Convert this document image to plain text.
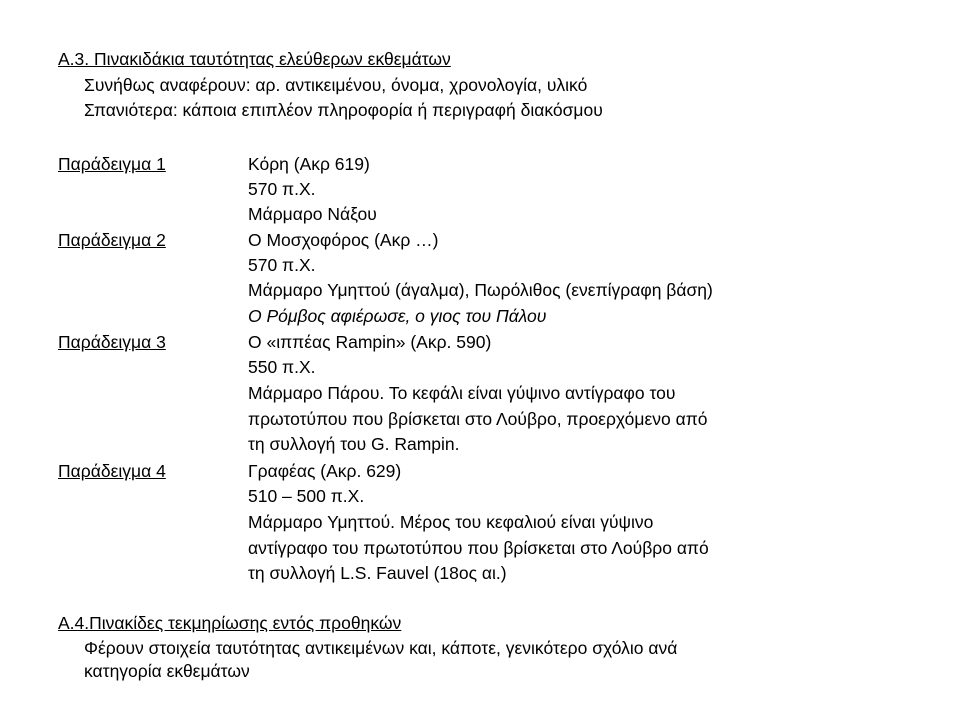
Α.3. Πινακιδάκια ταυτότητας ελεύθερων εκθεμάτων
Συνήθως αναφέρουν: αρ. αντικειμένου, όνομα, χρονολογία, υλικό
Σπανιότερα: κάποια επιπλέον πληροφορία ή περιγραφή διακόσμου
Παράδειγμα 1	Κόρη (Ακρ 619)
570 π.Χ.
Μάρμαρο Νάξου
Παράδειγμα 2	Ο Μοσχοφόρος (Ακρ …)
570 π.Χ.
Μάρμαρο Υμηττού (άγαλμα), Πωρόλιθος (ενεπίγραφη βάση)
Ο Ρόμβος αφιέρωσε, ο γιος του Πάλου
Παράδειγμα 3	Ο «ιππέας Rampin» (Ακρ. 590)
550 π.Χ.
Μάρμαρο Πάρου. Το κεφάλι είναι γύψινο αντίγραφο του
πρωτοτύπου που βρίσκεται στο Λούβρο, προερχόμενο από
τη συλλογή του G. Rampin.
Παράδειγμα 4	Γραφέας (Ακρ. 629)
510 – 500 π.Χ.
Μάρμαρο Υμηττού. Μέρος του κεφαλιού είναι γύψινο
αντίγραφο του πρωτοτύπου που βρίσκεται στο Λούβρο από
τη συλλογή L.S. Fauvel (18ος αι.)
Α.4.Πινακίδες τεκμηρίωσης εντός προθηκών
Φέρουν στοιχεία ταυτότητας αντικειμένων και, κάποτε, γενικότερο σχόλιο ανά
κατηγορία εκθεμάτων
